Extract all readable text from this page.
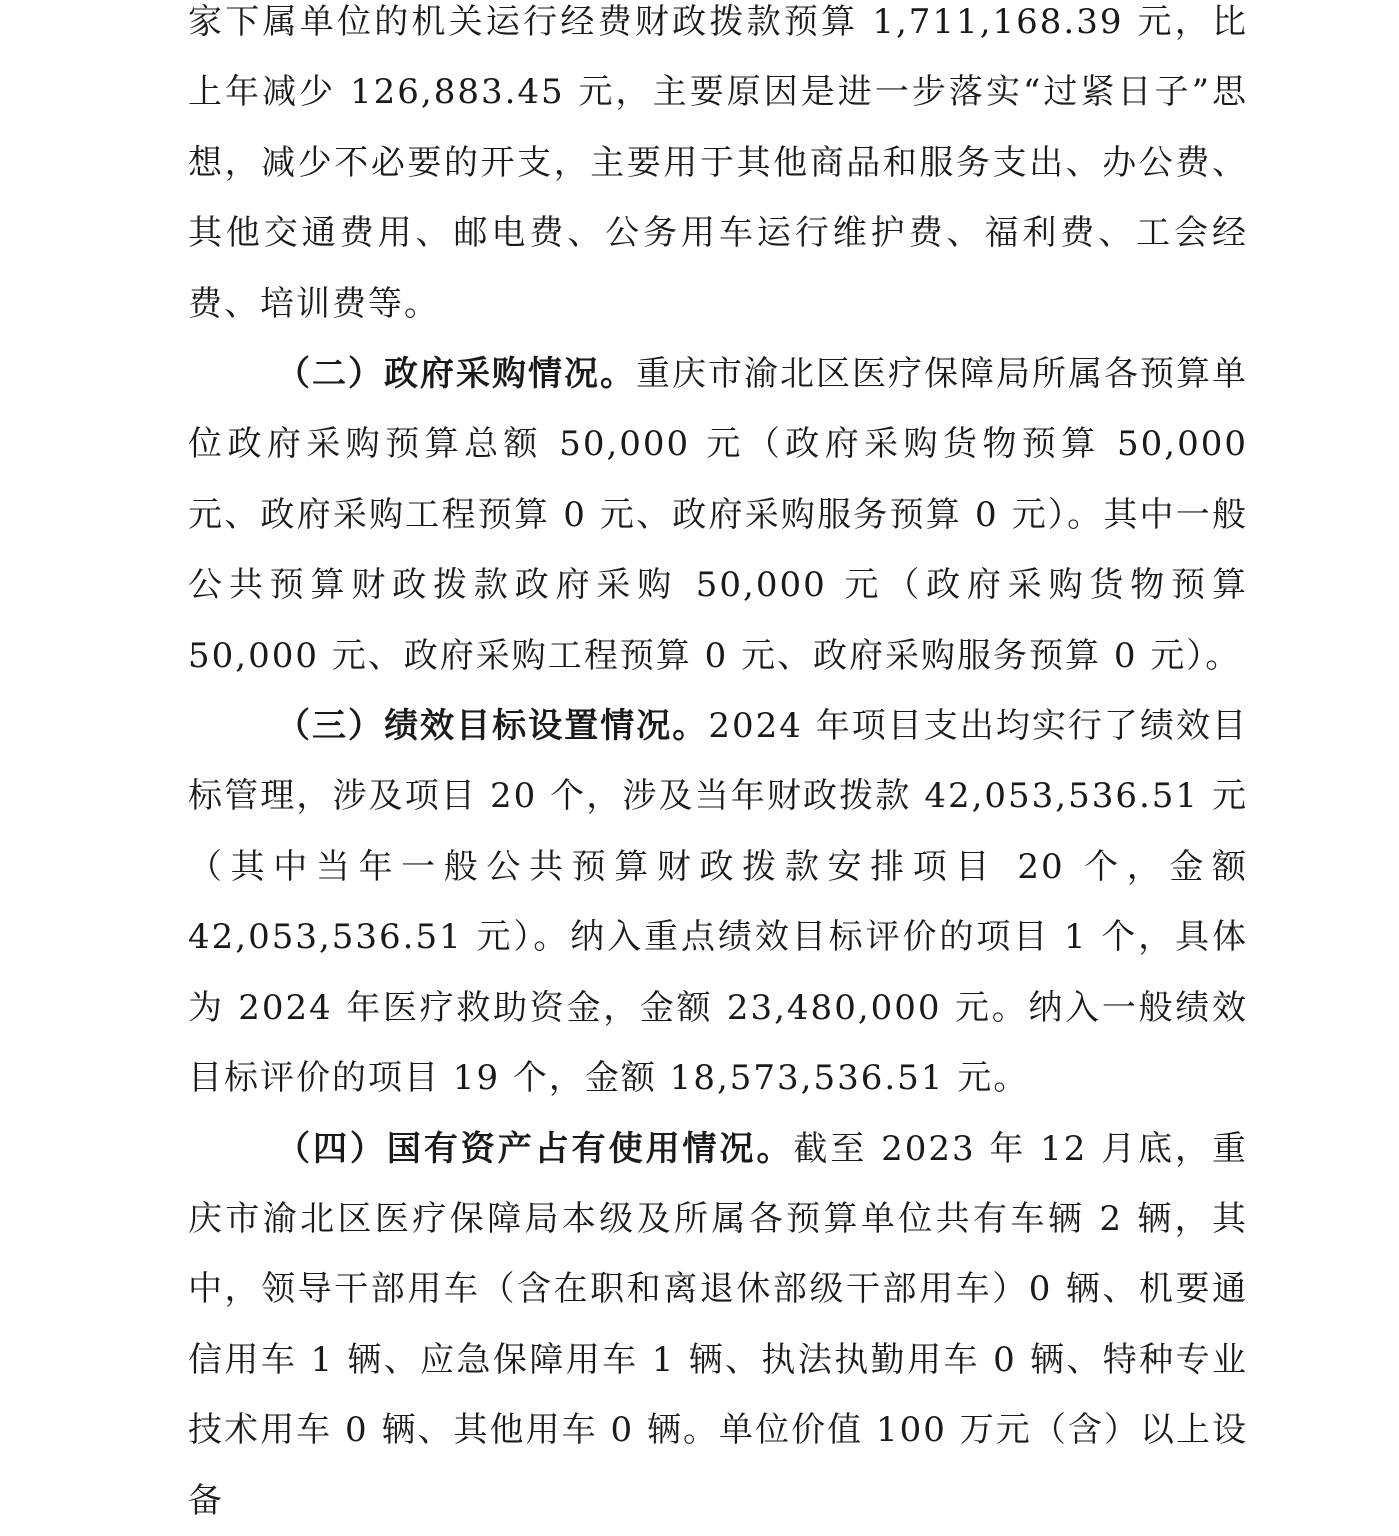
家下属单位的机关运行经费财政拨款预算 1,711,168.39 元，比上年减少 126,883.45 元，主要原因是进一步落实“过紧日子”思想，减少不必要的开支，主要用于其他商品和服务支出、办公费、其他交通费用、邮电费、公务用车运行维护费、福利费、工会经费、培训费等。

（二）政府采购情况。重庆市渝北区医疗保障局所属各预算单位政府采购预算总额 50,000 元（政府采购货物预算 50,000 元、政府采购工程预算 0 元、政府采购服务预算 0 元）。其中一般公共预算财政拨款政府采购 50,000 元（政府采购货物预算 50,000 元、政府采购工程预算 0 元、政府采购服务预算 0 元）。

（三）绩效目标设置情况。2024 年项目支出均实行了绩效目标管理，涉及项目 20 个，涉及当年财政拨款 42,053,536.51 元（其中当年一般公共预算财政拨款安排项目 20 个，金额 42,053,536.51 元）。纳入重点绩效目标评价的项目 1 个，具体为 2024 年医疗救助资金，金额 23,480,000 元。纳入一般绩效目标评价的项目 19 个，金额 18,573,536.51 元。

（四）国有资产占有使用情况。截至 2023 年 12 月底，重庆市渝北区医疗保障局本级及所属各预算单位共有车辆 2 辆，其中，领导干部用车（含在职和离退休部级干部用车）0 辆、机要通信用车 1 辆、应急保障用车 1 辆、执法执勤用车 0 辆、特种专业技术用车 0 辆、其他用车 0 辆。单位价值 100 万元（含）以上设备
